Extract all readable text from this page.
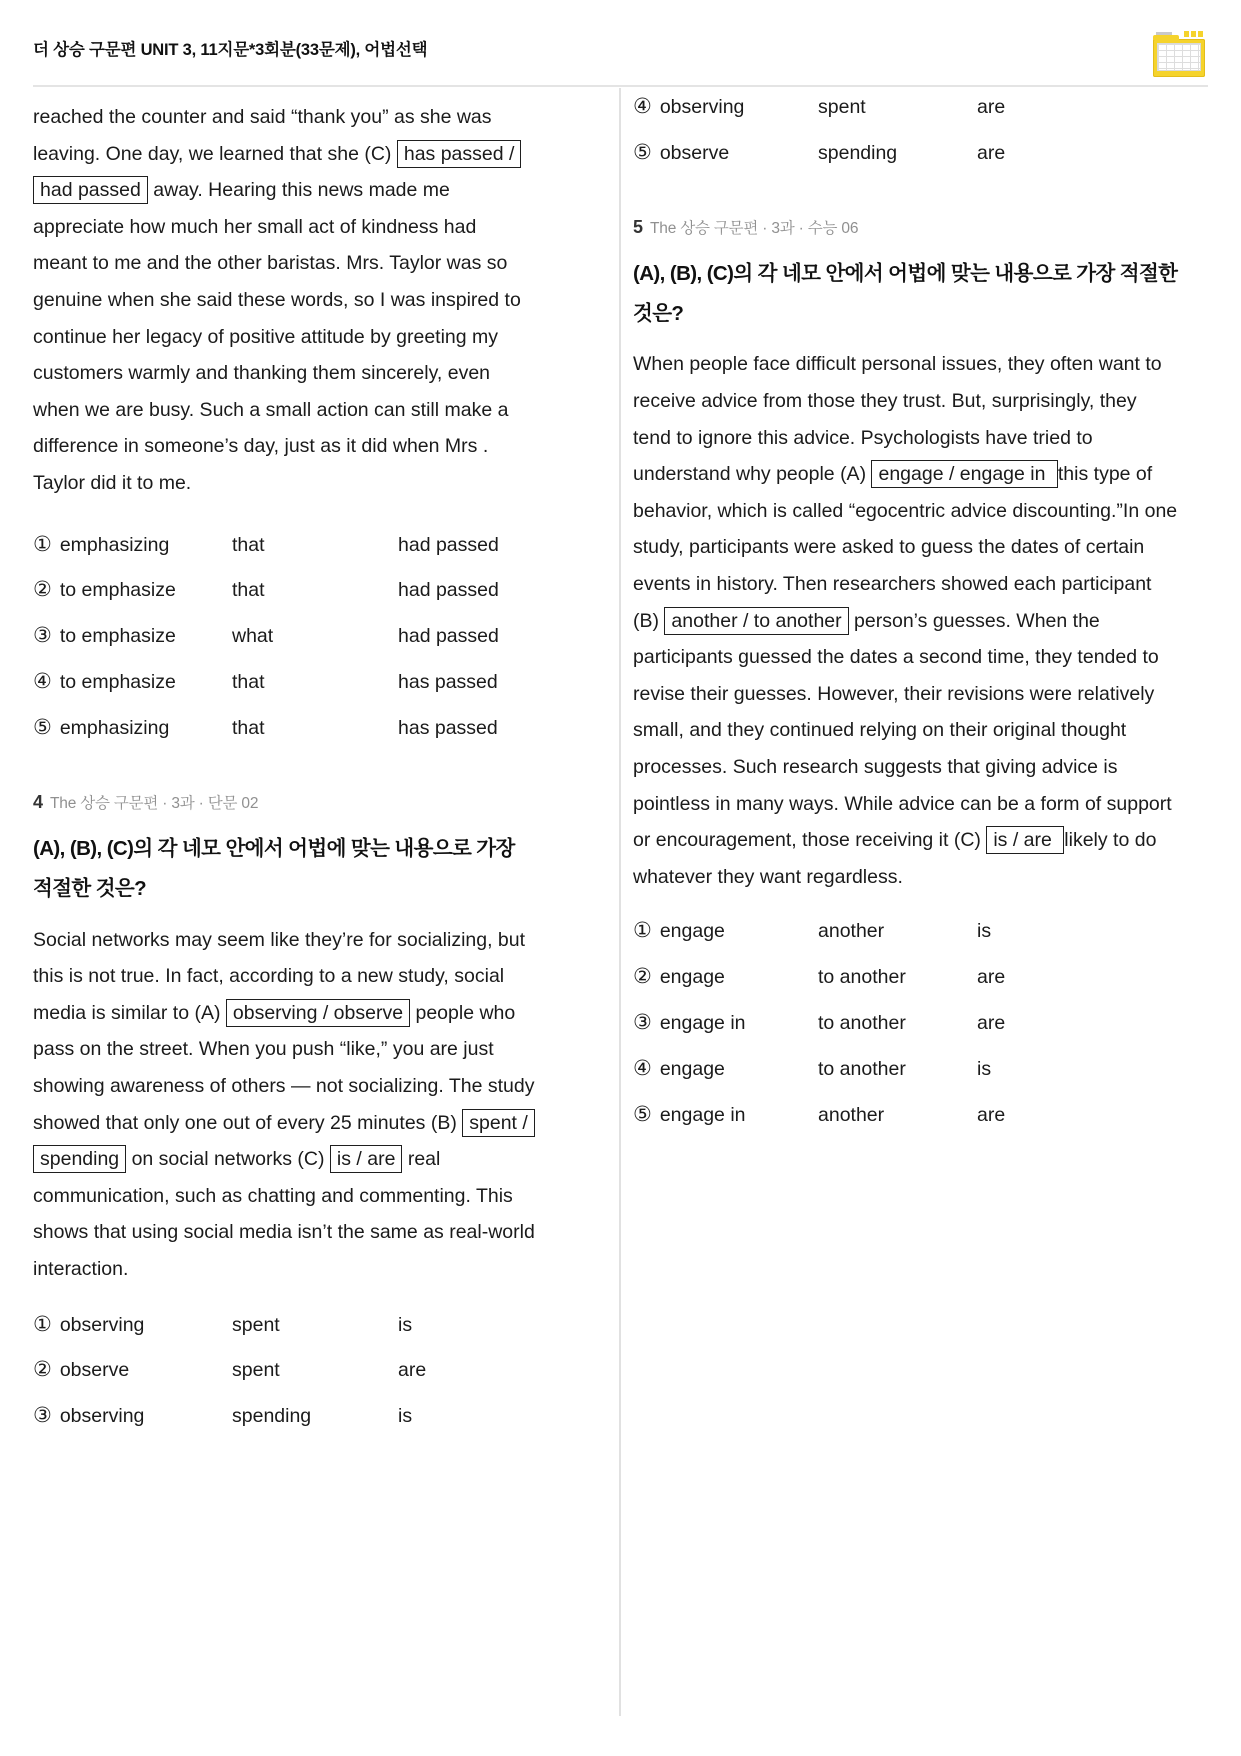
더 상승 구문편 UNIT 3, 11지문*3회분(33문제), 어법선택

reached the counter and said “thank you” as she was leaving. One day, we learned that she (C) has passed / had passed away. Hearing this news made me appreciate how much her small act of kindness had meant to me and the other baristas. Mrs. Taylor was so genuine when she said these words, so I was inspired to continue her legacy of positive attitude by greeting my customers warmly and thanking them sincerely, even when we are busy. Such a small action can still make a difference in someone’s day, just as it did when Mrs . Taylor did it to me.

① emphasizing	that	had passed
② to emphasize	that	had passed
③ to emphasize	what	had passed
④ to emphasize	that	has passed
⑤ emphasizing	that	has passed
4 The 상승 구문편 · 3과 · 단문 02
(A), (B), (C)의 각 네모 안에서 어법에 맞는 내용으로 가장 적절한 것은?

Social networks may seem like they’re for socializing, but this is not true. In fact, according to a new study, social media is similar to (A) observing / observe people who pass on the street. When you push “like,” you are just showing awareness of others — not socializing. The study showed that only one out of every 25 minutes (B) spent / spending on social networks (C) is / are real communication, such as chatting and commenting. This shows that using social media isn’t the same as real-world interaction.

① observing	spent	is
② observe	spent	are
③ observing	spending	is
④ observing	spent	are
⑤ observe	spending	are
5 The 상승 구문편 · 3과 · 수능 06
(A), (B), (C)의 각 네모 안에서 어법에 맞는 내용으로 가장 적절한 것은?

When people face difficult personal issues, they often want to receive advice from those they trust. But, surprisingly, they tend to ignore this advice. Psychologists have tried to understand why people (A) engage / engage in this type of behavior, which is called “egocentric advice discounting.”In one study, participants were asked to guess the dates of certain events in history. Then researchers showed each participant (B) another / to another person’s guesses. When the participants guessed the dates a second time, they tended to revise their guesses. However, their revisions were relatively small, and they continued relying on their original thought processes. Such research suggests that giving advice is pointless in many ways. While advice can be a form of support or encouragement, those receiving it (C) is / are likely to do whatever they want regardless.

① engage	another	is
② engage	to another	are
③ engage in	to another	are
④ engage	to another	is
⑤ engage in	another	are
